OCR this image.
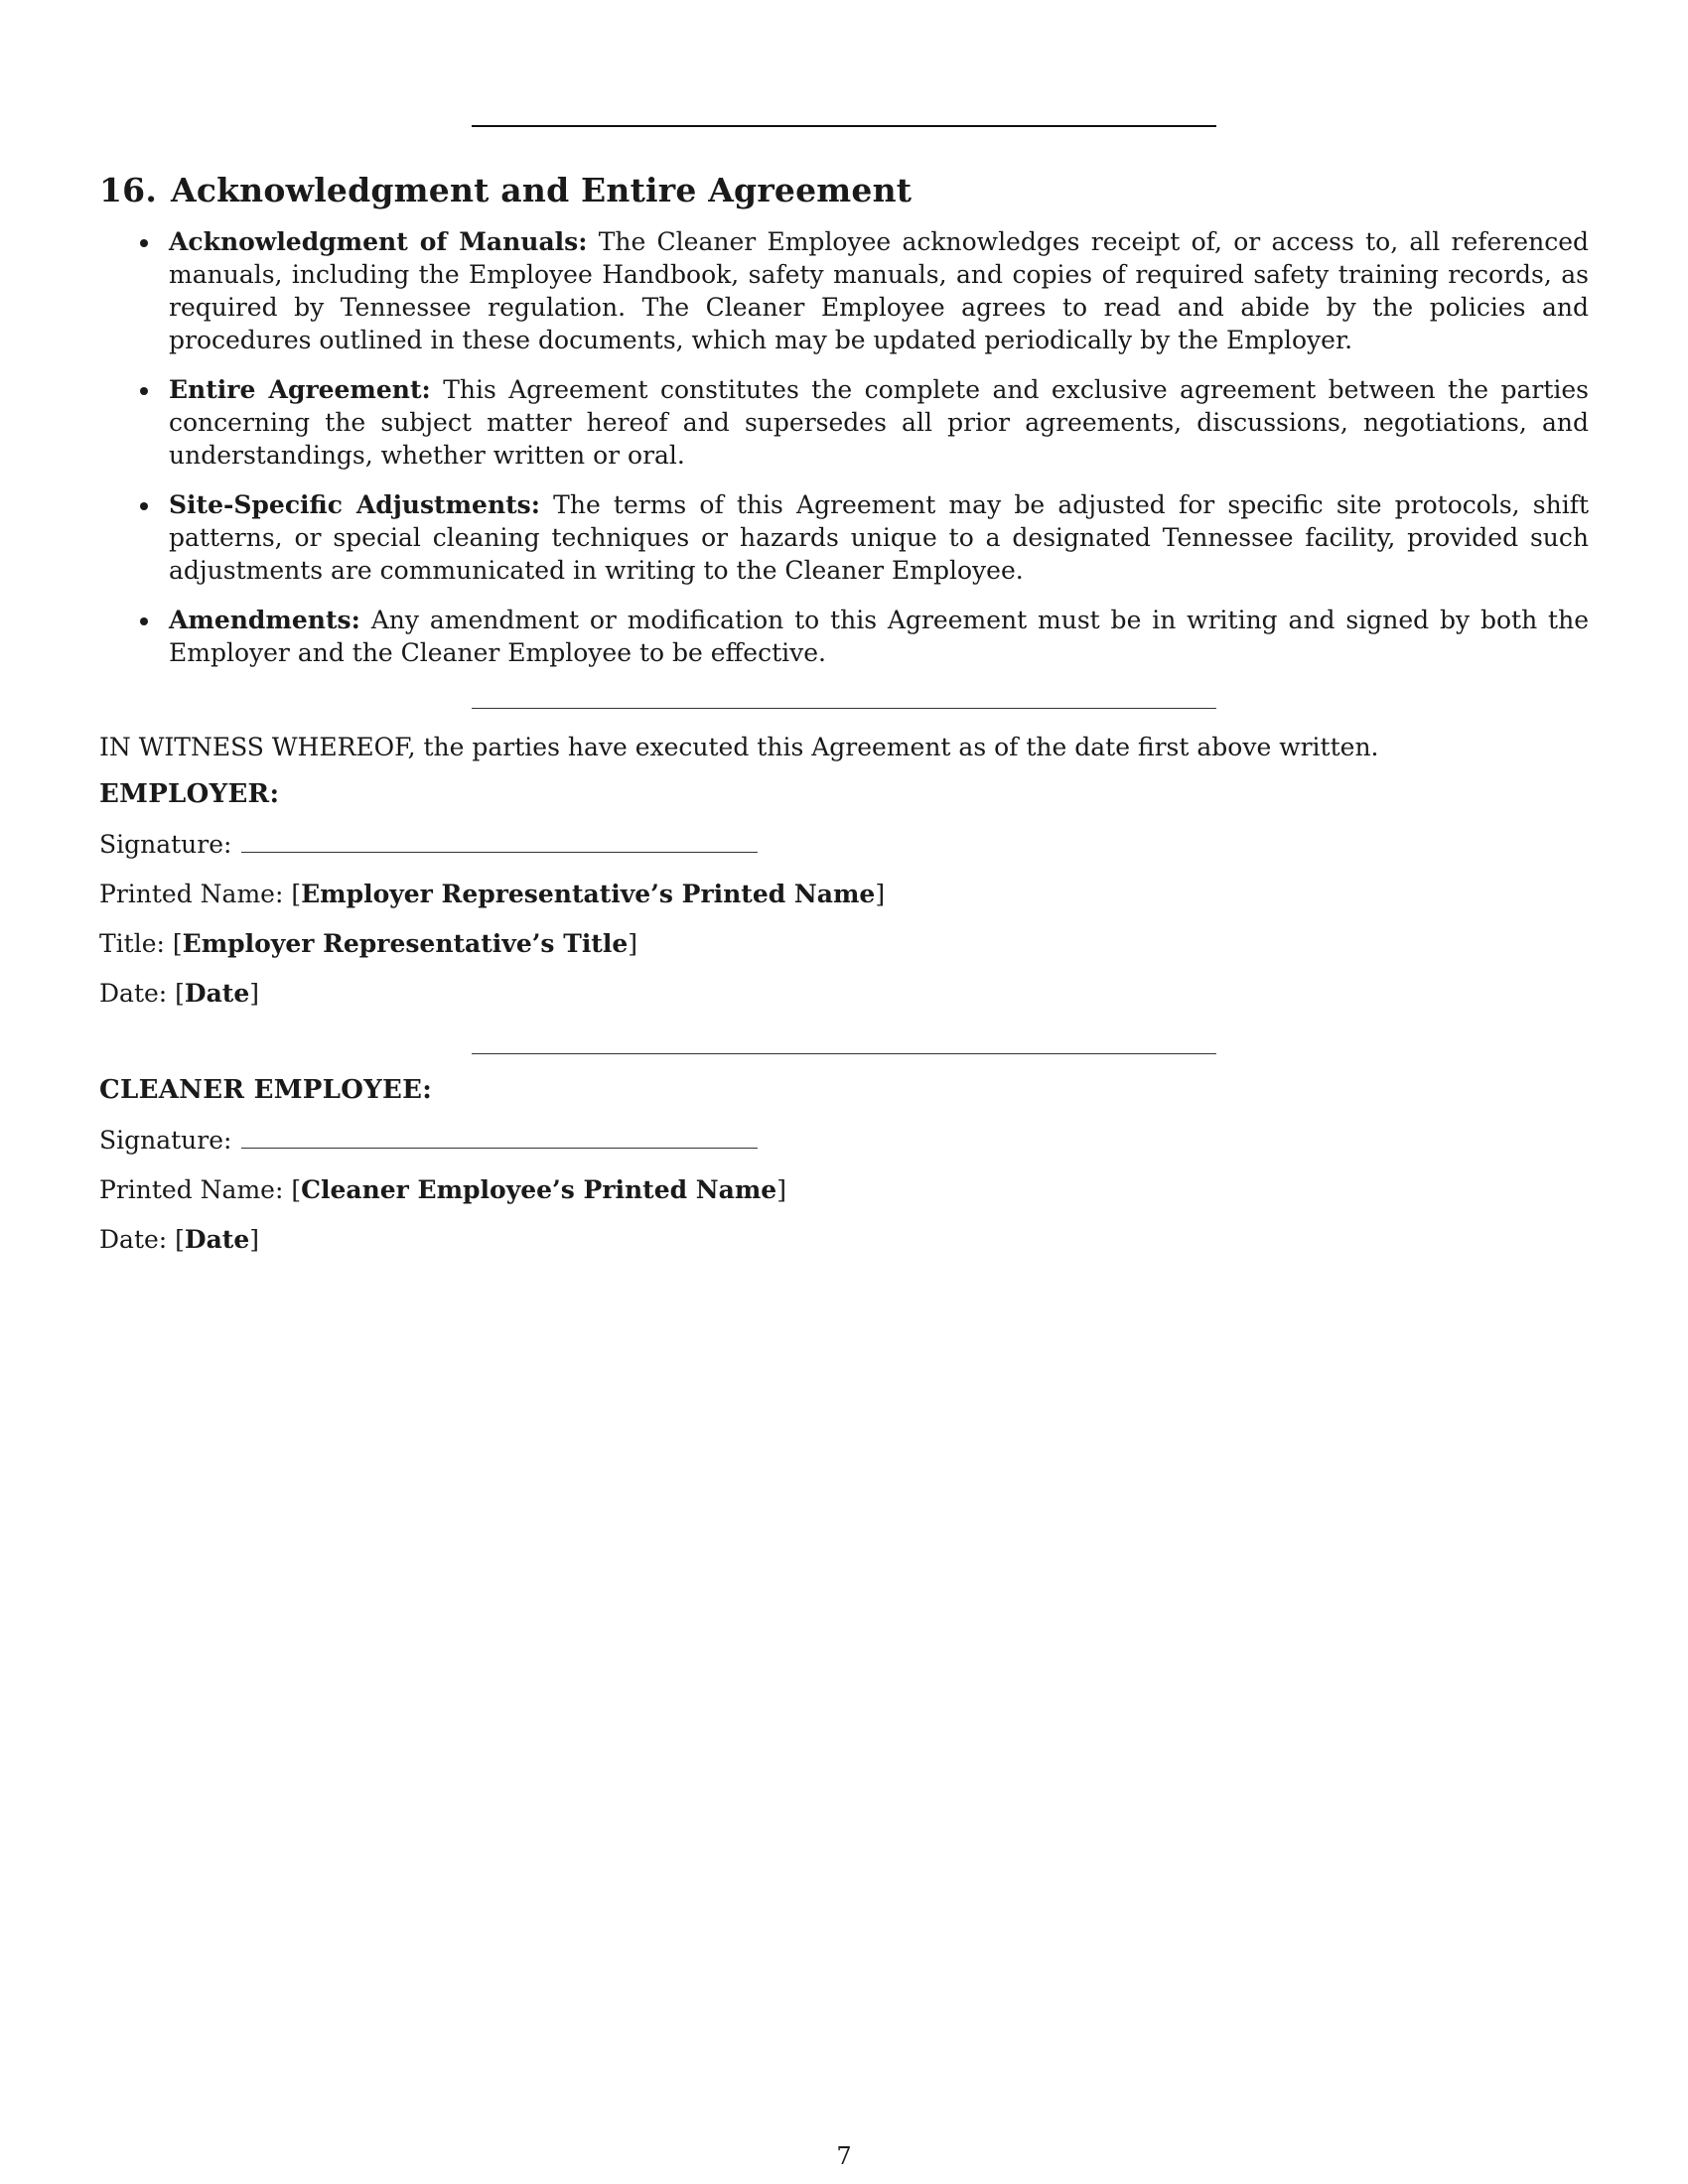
16. Acknowledgment and Entire Agreement
Acknowledgment of Manuals: The Cleaner Employee acknowledges receipt of, or access to, all referenced manuals, including the Employee Handbook, safety manuals, and copies of required safety training records, as required by Tennessee regulation. The Cleaner Employee agrees to read and abide by the policies and procedures outlined in these documents, which may be updated periodically by the Employer.
Entire Agreement: This Agreement constitutes the complete and exclusive agreement between the parties concerning the subject matter hereof and supersedes all prior agreements, discussions, negotiations, and understandings, whether written or oral.
Site-Specific Adjustments: The terms of this Agreement may be adjusted for specific site protocols, shift patterns, or special cleaning techniques or hazards unique to a designated Tennessee facility, provided such adjustments are communicated in writing to the Cleaner Employee.
Amendments: Any amendment or modification to this Agreement must be in writing and signed by both the Employer and the Cleaner Employee to be effective.
IN WITNESS WHEREOF, the parties have executed this Agreement as of the date first above written.
EMPLOYER:
Signature:
Printed Name: [Employer Representative’s Printed Name]
Title: [Employer Representative’s Title]
Date: [Date]
CLEANER EMPLOYEE:
Signature:
Printed Name: [Cleaner Employee’s Printed Name]
Date: [Date]
7
